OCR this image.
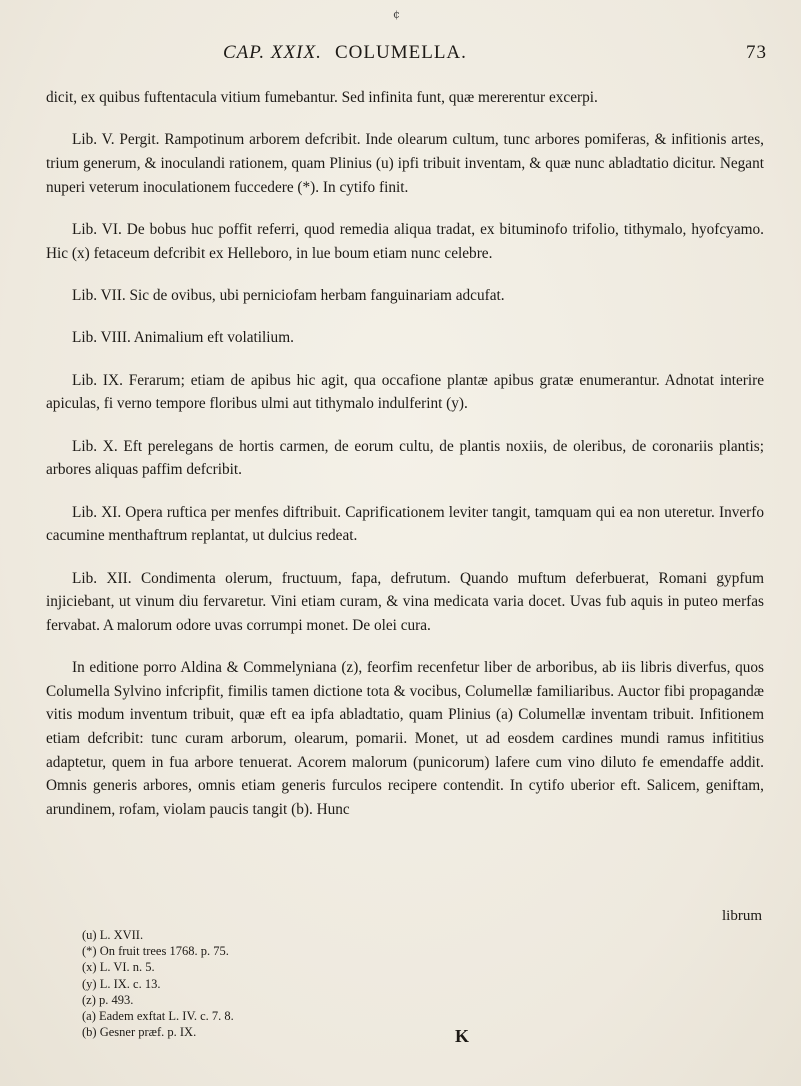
¢
CAP. XXIX. COLUMELLA.	73

dicit, ex quibus fuftentacula vitium fumebantur. Sed infinita funt, quæ mererentur excerpi.

Lib. V. Pergit. Rampotinum arborem defcribit. Inde olearum cultum, tunc arbores pomiferas, & infitionis artes, trium generum, & inoculandi rationem, quam Plinius (u) ipfi tribuit inventam, & quæ nunc abladtatio dicitur. Negant nuperi veterum inoculationem fuccedere (*). In cytifo finit.

Lib. VI. De bobus huc poffit referri, quod remedia aliqua tradat, ex bituminofo trifolio, tithymalo, hyofcyamo. Hic (x) fetaceum defcribit ex Helleboro, in lue boum etiam nunc celebre.

Lib. VII. Sic de ovibus, ubi perniciofam herbam fanguinariam adcufat.

Lib. VIII. Animalium eft volatilium.

Lib. IX. Ferarum; etiam de apibus hic agit, qua occafione plantæ apibus gratæ enumerantur. Adnotat interire apiculas, fi verno tempore floribus ulmi aut tithymalo indulferint (y).

Lib. X. Eft perelegans de hortis carmen, de eorum cultu, de plantis noxiis, de oleribus, de coronariis plantis; arbores aliquas paffim defcribit.

Lib. XI. Opera ruftica per menfes diftribuit. Caprificationem leviter tangit, tamquam qui ea non uteretur. Inverfo cacumine menthaftrum replantat, ut dulcius redeat.

Lib. XII. Condimenta olerum, fructuum, fapa, defrutum. Quando muftum deferbuerat, Romani gypfum injiciebant, ut vinum diu fervaretur. Vini etiam curam, & vina medicata varia docet. Uvas fub aquis in puteo merfas fervabat. A malorum odore uvas corrumpi monet. De olei cura.

In editione porro Aldina & Commelyniana (z), feorfim recenfetur liber de arboribus, ab iis libris diverfus, quos Columella Sylvino infcripfit, fimilis tamen dictione tota & vocibus, Columellæ familiaribus. Auctor fibi propagandæ vitis modum inventum tribuit, quæ eft ea ipfa abladtatio, quam Plinius (a) Columellæ inventam tribuit. Infitionem etiam defcribit: tunc curam arborum, olearum, pomarii. Monet, ut ad eosdem cardines mundi ramus infititius adaptetur, quem in fua arbore tenuerat. Acorem malorum (punicorum) lafere cum vino diluto fe emendaffe addit. Omnis generis arbores, omnis etiam generis furculos recipere contendit. In cytifo uberior eft. Salicem, geniftam, arundinem, rofam, violam paucis tangit (b). Hunc

librum
(u) L. XVII.
(*) On fruit trees 1768. p. 75.
(x) L. VI. n. 5.
(y) L. IX. c. 13.
(z) p. 493.
(a) Eadem exftat L. IV. c. 7. 8.
(b) Gesner præf. p. IX.	K
